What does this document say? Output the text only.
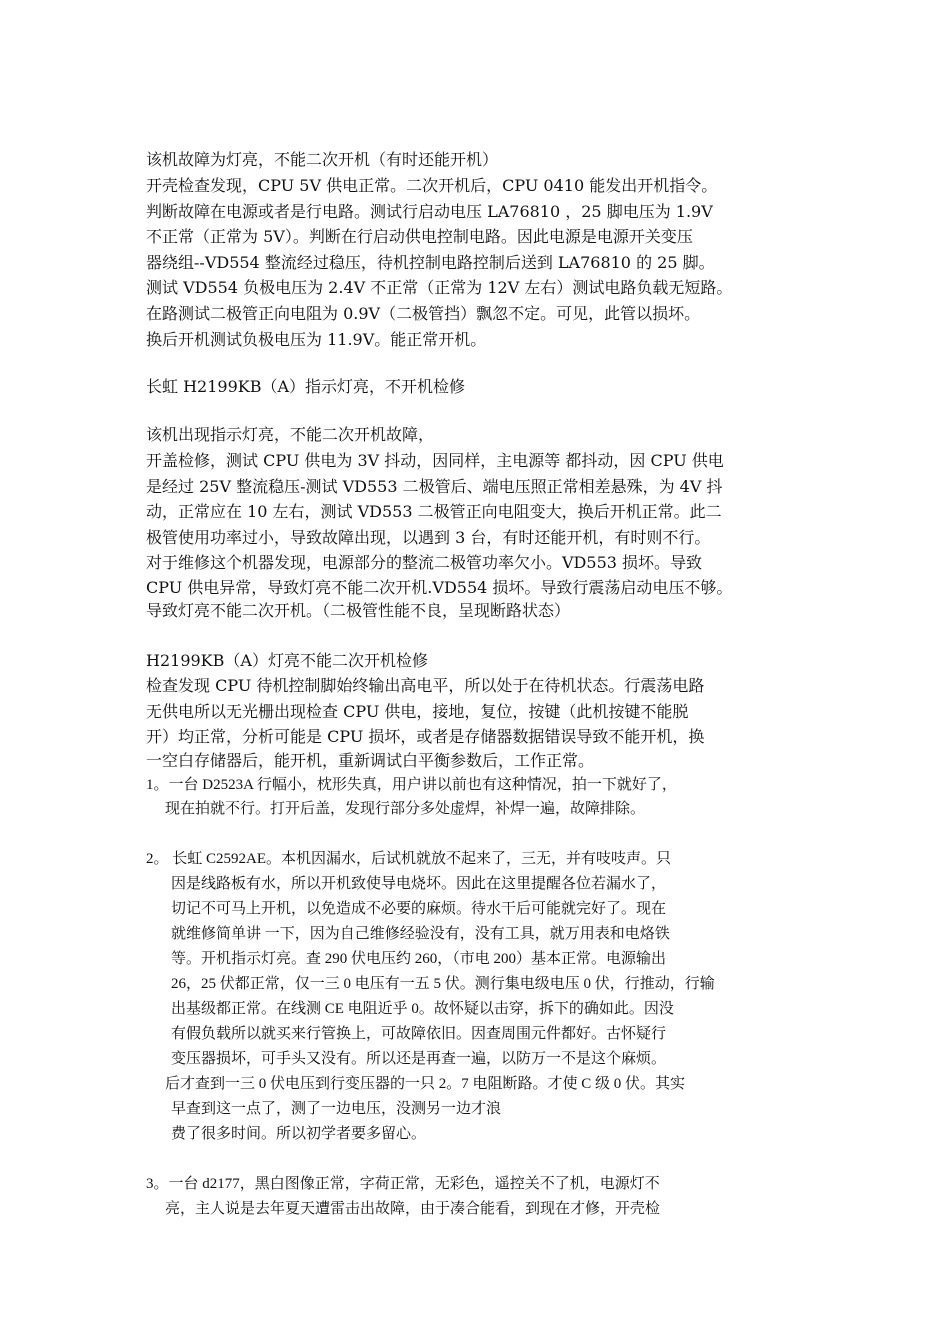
该机故障为灯亮，不能二次开机（有时还能开机）
开壳检查发现，CPU 5V 供电正常。二次开机后，CPU 0410 能发出开机指令。
判断故障在电源或者是行电路。测试行启动电压 LA76810 ，25 脚电压为 1.9V
不正常（正常为 5V）。判断在行启动供电控制电路。因此电源是电源开关变压
器绕组--VD554 整流经过稳压，待机控制电路控制后送到 LA76810 的 25 脚。
测试 VD554 负极电压为 2.4V 不正常（正常为 12V 左右）测试电路负载无短路。
在路测试二极管正向电阻为 0.9V（二极管挡）飘忽不定。可见，此管以损坏。
换后开机测试负极电压为 11.9V。能正常开机。
长虹 H2199KB（A）指示灯亮，不开机检修
该机出现指示灯亮，不能二次开机故障，
开盖检修，测试 CPU 供电为 3V 抖动，因同样，主电源等 都抖动，因 CPU 供电
是经过 25V 整流稳压-测试 VD553 二极管后、端电压照正常相差悬殊，为 4V 抖
动，正常应在 10 左右，测试 VD553 二极管正向电阻变大，换后开机正常。此二
极管使用功率过小，导致故障出现，以遇到 3 台，有时还能开机，有时则不行。
对于维修这个机器发现，电源部分的整流二极管功率欠小。VD553 损坏。导致
CPU 供电异常，导致灯亮不能二次开机.VD554 损坏。导致行震荡启动电压不够。
导致灯亮不能二次开机。（二极管性能不良，呈现断路状态）
H2199KB（A）灯亮不能二次开机检修
检查发现 CPU 待机控制脚始终输出高电平，所以处于在待机状态。行震荡电路
无供电所以无光栅出现检查 CPU 供电，接地，复位，按键（此机按键不能脱
开）均正常，分析可能是 CPU 损坏，或者是存储器数据错误导致不能开机，换
一空白存储器后，能开机，重新调试白平衡参数后，工作正常。
1。一台 D2523A 行幅小，枕形失真，用户讲以前也有这种情况，拍一下就好了，
现在拍就不行。打开后盖，发现行部分多处虚焊，补焊一遍，故障排除。
2。 长虹 C2592AE。本机因漏水，后试机就放不起来了，三无，并有吱吱声。只
因是线路板有水，所以开机致使导电烧坏。因此在这里提醒各位若漏水了，
切记不可马上开机，以免造成不必要的麻烦。待水干后可能就完好了。现在
就维修简单讲 一下，因为自己维修经验没有，没有工具，就万用表和电烙铁
等。开机指示灯亮。查 290 伏电压约 260，（市电 200）基本正常。电源输出
26，25 伏都正常，仅一三 0 电压有一五 5 伏。测行集电级电压 0 伏，行推动，行输
出基级都正常。在线测 CE 电阻近乎 0。故怀疑以击穿，拆下的确如此。因没
有假负载所以就买来行管换上，可故障依旧。因查周围元件都好。古怀疑行
变压器损坏，可手头又没有。所以还是再查一遍，以防万一不是这个麻烦。
后才查到一三 0 伏电压到行变压器的一只 2。7 电阻断路。才使 C 级 0 伏。其实
早查到这一点了，测了一边电压，没测另一边才浪
费了很多时间。所以初学者要多留心。
3。一台 d2177，黑白图像正常，字荷正常，无彩色，遥控关不了机，电源灯不
亮，主人说是去年夏天遭雷击出故障，由于凑合能看，到现在才修，开壳检
